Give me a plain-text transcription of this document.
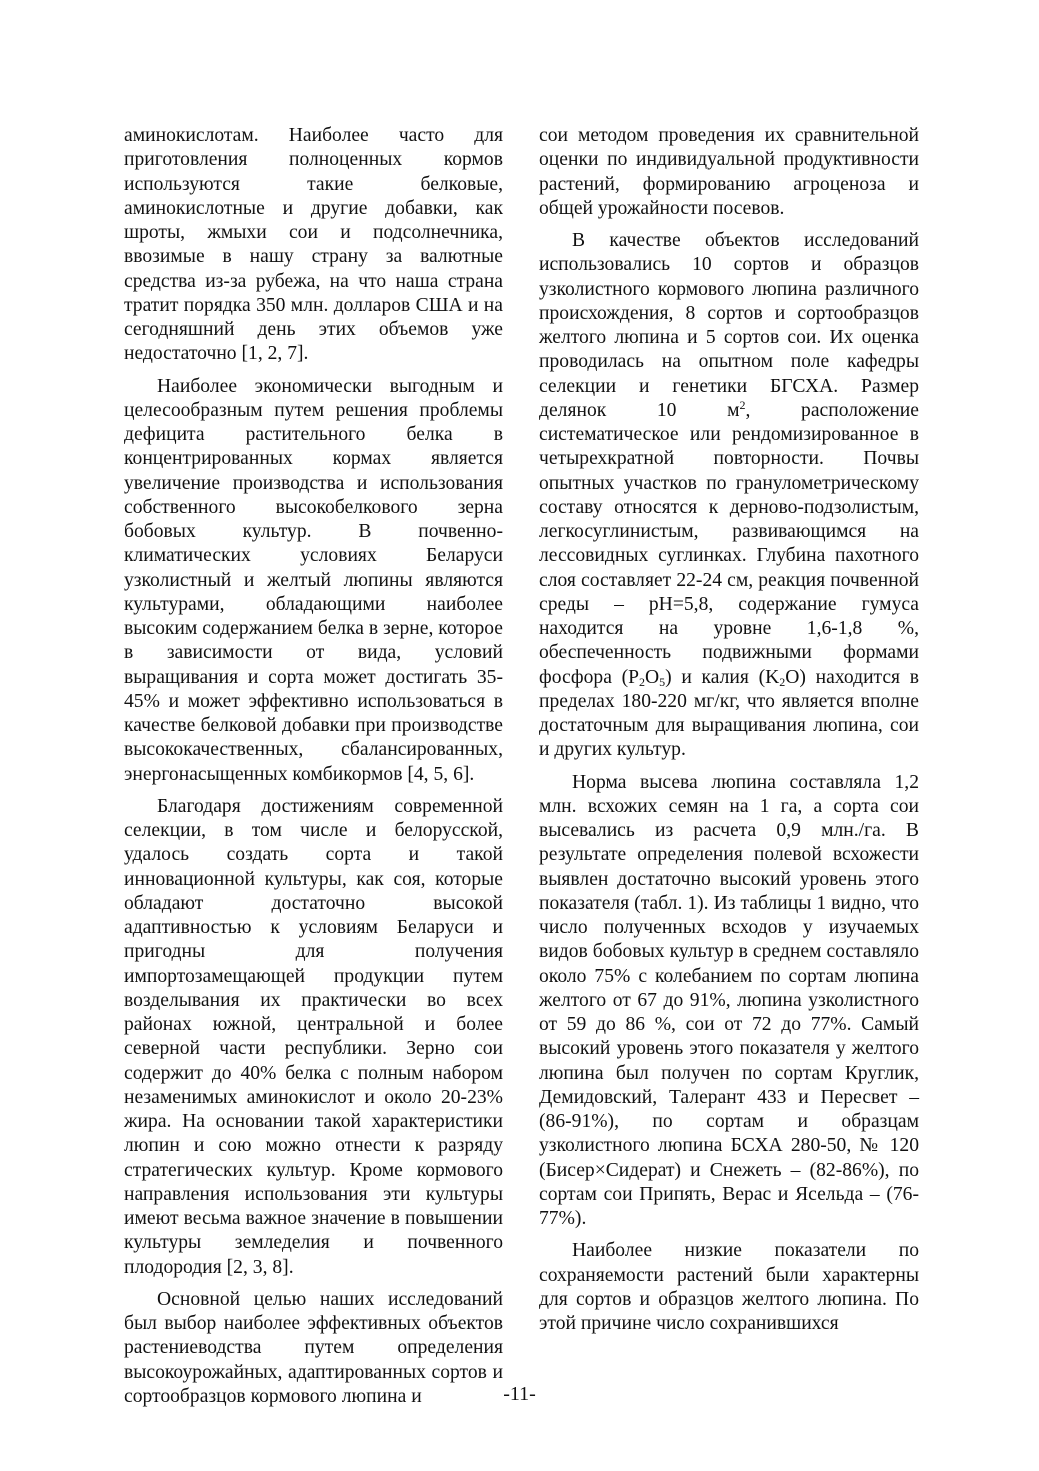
аминокислотам. Наиболее часто для приготовления полноценных кормов используются такие белковые, аминокислотные и другие добавки, как шроты, жмыхи сои и подсолнечника, ввозимые в нашу страну за валютные средства из-за рубежа, на что наша страна тратит порядка 350 млн. долларов США и на сегодняшний день этих объемов уже недостаточно [1, 2, 7].

Наиболее экономически выгодным и целесообразным путем решения проблемы дефицита растительного белка в концентрированных кормах является увеличение производства и использования собственного высокобелкового зерна бобовых культур. В почвенно-климатических условиях Беларуси узколистный и желтый люпины являются культурами, обладающими наиболее высоким содержанием белка в зерне, которое в зависимости от вида, условий выращивания и сорта может достигать 35-45% и может эффективно использоваться в качестве белковой добавки при производстве высококачественных, сбалансированных, энергонасыщенных комбикормов [4, 5, 6].

Благодаря достижениям современной селекции, в том числе и белорусской, удалось создать сорта и такой инновационной культуры, как соя, которые обладают достаточно высокой адаптивностью к условиям Беларуси и пригодны для получения импортозамещающей продукции путем возделывания их практически во всех районах южной, центральной и более северной части республики. Зерно сои содержит до 40% белка с полным набором незаменимых аминокислот и около 20-23% жира. На основании такой характеристики люпин и сою можно отнести к разряду стратегических культур. Кроме кормового направления использования эти культуры имеют весьма важное значение в повышении культуры земледелия и почвенного плодородия [2, 3, 8].

Основной целью наших исследований был выбор наиболее эффективных объектов растениеводства путем определения высокоурожайных, адаптированных сортов и сортообразцов кормового люпина и

сои методом проведения их сравнительной оценки по индивидуальной продуктивности растений, формированию агроценоза и общей урожайности посевов.

В качестве объектов исследований использовались 10 сортов и образцов узколистного кормового люпина различного происхождения, 8 сортов и сортообразцов желтого люпина и 5 сортов сои. Их оценка проводилась на опытном поле кафедры селекции и генетики БГСХА. Размер делянок 10 $м^2$, расположение систематическое или рендомизированное в четырехкратной повторности. Почвы опытных участков по гранулометрическому составу относятся к дерново-подзолистым, легкосуглинистым, развивающимся на лессовидных суглинках. Глубина пахотного слоя составляет 22-24 см, реакция почвенной среды – pH=5,8, содержание гумуса находится на уровне 1,6-1,8 %, обеспеченность подвижными формами фосфора $(P_2O_5)$ и калия $(K_2O)$ находится в пределах 180-220 мг/кг, что является вполне достаточным для выращивания люпина, сои и других культур.

Норма высева люпина составляла 1,2 млн. всхожих семян на 1 га, а сорта сои высевались из расчета 0,9 млн./га. В результате определения полевой всхожести выявлен достаточно высокий уровень этого показателя (табл. 1). Из таблицы 1 видно, что число полученных всходов у изучаемых видов бобовых культур в среднем составляло около 75% с колебанием по сортам люпина желтого от 67 до 91%, люпина узколистного от 59 до 86 %, сои от 72 до 77%. Самый высокий уровень этого показателя у желтого люпина был получен по сортам Круглик, Демидовский, Талерант 433 и Пересвет – (86-91%), по сортам и образцам узколистного люпина БСХА 280-50, № 120 (Бисер×Сидерат) и Снежеть – (82-86%), по сортам сои Припять, Верас и Ясельда – (76-77%).

Наиболее низкие показатели по сохраняемости растений были характерны для сортов и образцов желтого люпина. По этой причине число сохранившихся

-11-
